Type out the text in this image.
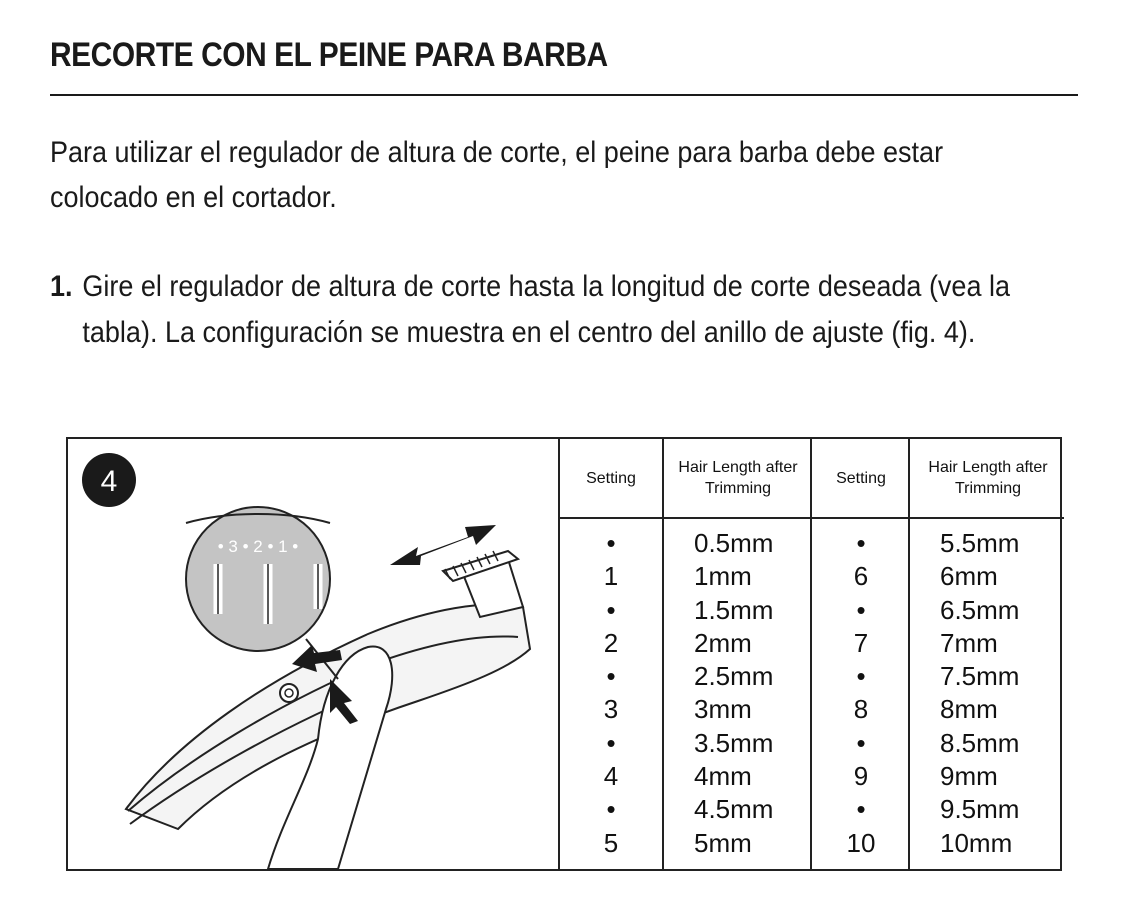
RECORTE CON EL PEINE PARA BARBA
Para utilizar el regulador de altura de corte, el peine para barba debe estar colocado en el cortador.
1. Gire el regulador de altura de corte hasta la longitud de corte deseada (vea la tabla). La configuración se muestra en el centro del anillo de ajuste (fig. 4).
4
• 3 • 2 • 1 •
Setting
•
1
•
2
•
3
•
4
•
5
Hair Length after Trimming
0.5mm
1mm
1.5mm
2mm
2.5mm
3mm
3.5mm
4mm
4.5mm
5mm
Setting
•
6
•
7
•
8
•
9
•
10
Hair Length after Trimming
5.5mm
6mm
6.5mm
7mm
7.5mm
8mm
8.5mm
9mm
9.5mm
10mm
